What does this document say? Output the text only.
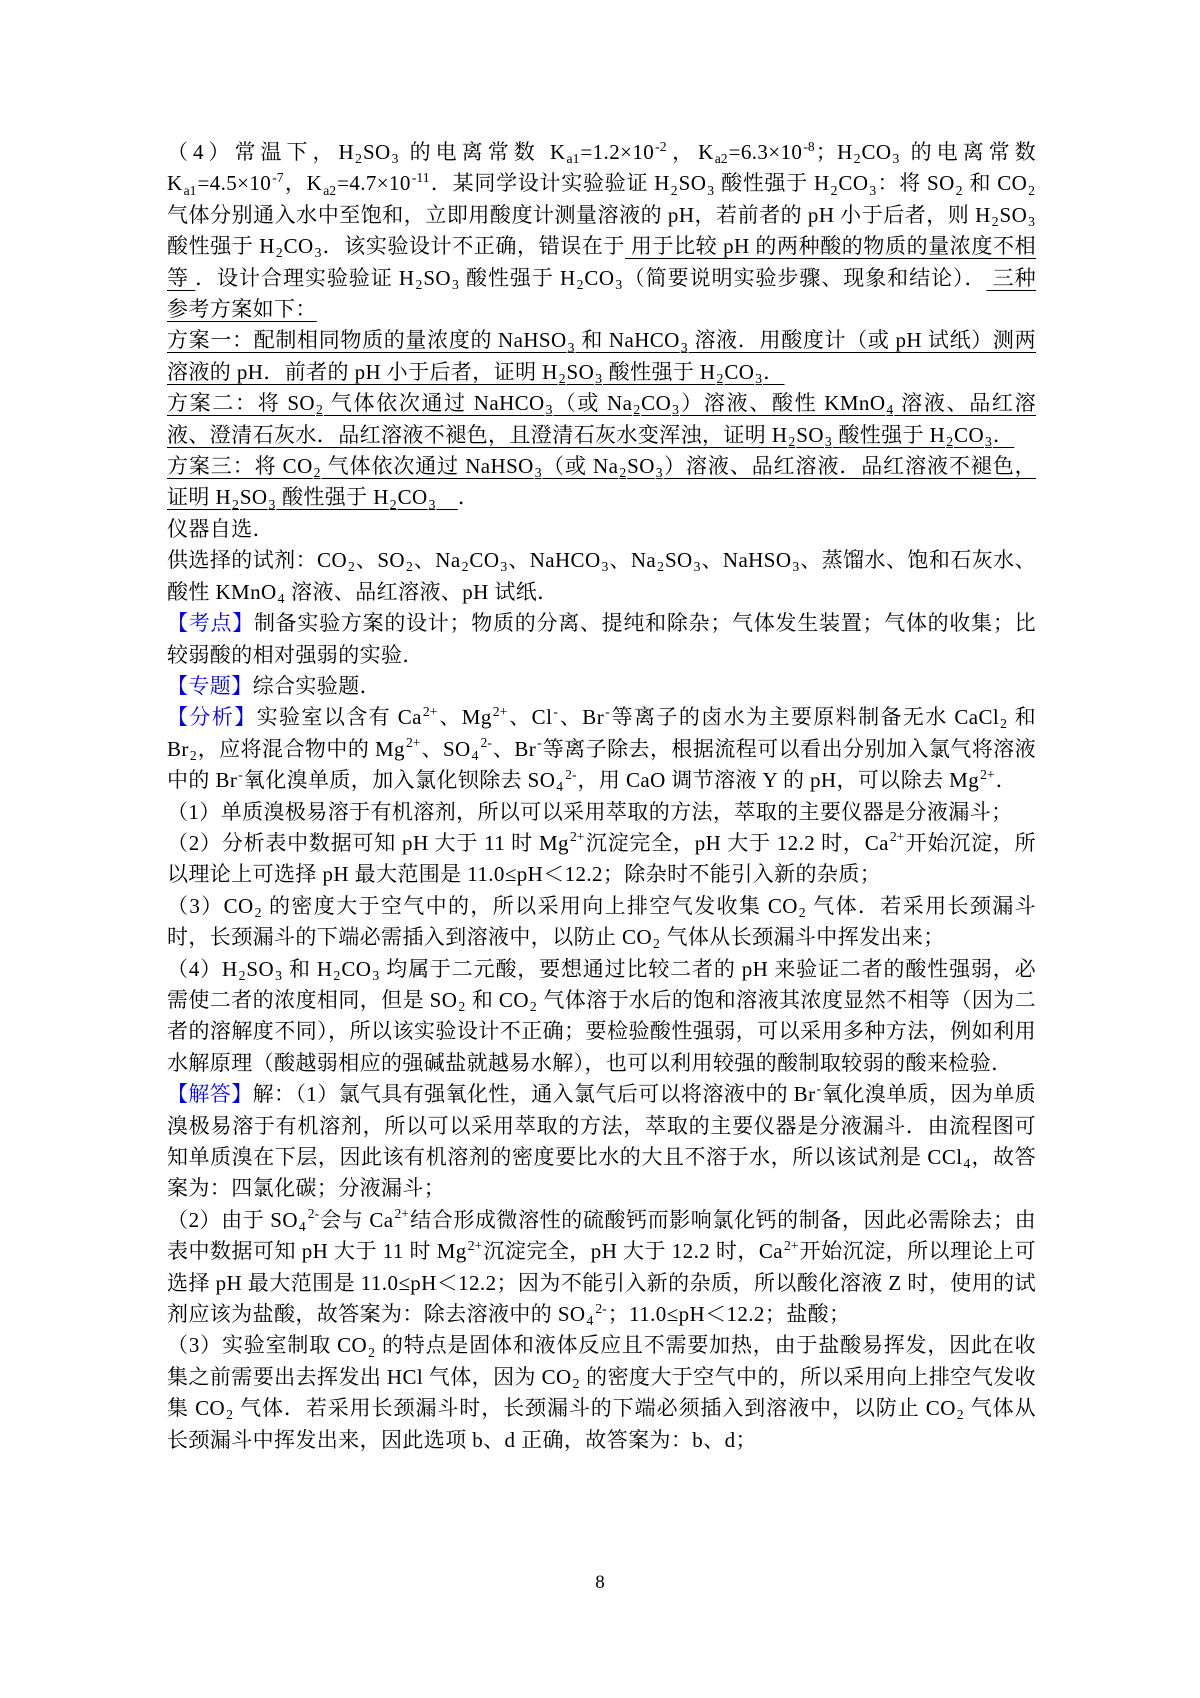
（4）常温下，H2SO3 的电离常数 $Ka1=1.2\times 10^{-2}$，$Ka2=6.3\times 10^{-8}$；H2CO3 的电离常数 $Ka1=4.5\times 10^{-7}$，$Ka2=4.7\times 10^{-11}$．某同学设计实验验证 H2SO3 酸性强于 H2CO3：将 SO2 和 CO2 气体分别通入水中至饱和，立即用酸度计测量溶液的 pH，若前者的 pH 小于后者，则 H2SO3 酸性强于 H2CO3．该实验设计不正确，错误在于 用于比较 pH 的两种酸的物质的量浓度不相等 ．设计合理实验验证 H2SO3 酸性强于 H2CO3（简要说明实验步骤、现象和结论）． 三种参考方案如下：

方案一：配制相同物质的量浓度的 NaHSO3 和 NaHCO3 溶液．用酸度计（或 pH 试纸）测两溶液的 pH．前者的 pH 小于后者，证明 H2SO3 酸性强于 H2CO3．

方案二：将 SO2 气体依次通过 NaHCO3（或 Na2CO3）溶液、酸性 KMnO4 溶液、品红溶液、澄清石灰水．品红溶液不褪色，且澄清石灰水变浑浊，证明 H2SO3 酸性强于 H2CO3．

方案三：将 CO2 气体依次通过 NaHSO3（或 Na2SO3）溶液、品红溶液．品红溶液不褪色，证明 H2SO3 酸性强于 H2CO3　 ．

仪器自选．

供选择的试剂：CO2、SO2、Na2CO3、NaHCO3、Na2SO3、NaHSO3、蒸馏水、饱和石灰水、酸性 KMnO4 溶液、品红溶液、pH 试纸．

【考点】制备实验方案的设计；物质的分离、提纯和除杂；气体发生装置；气体的收集；比较弱酸的相对强弱的实验．

【专题】综合实验题．

【分析】实验室以含有 $Ca^{2+}$、$Mg^{2+}$、Cl-、Br-等离子的卤水为主要原料制备无水 CaCl2 和 Br2，应将混合物中的 $Mg^{2+}$、$SO4^{2-}$、Br-等离子除去，根据流程可以看出分别加入氯气将溶液中的 Br-氧化溴单质，加入氯化钡除去 $SO4^{2-}$，用 CaO 调节溶液 Y 的 pH，可以除去 $Mg^{2+}$．

（1）单质溴极易溶于有机溶剂，所以可以采用萃取的方法，萃取的主要仪器是分液漏斗；

（2）分析表中数据可知 pH 大于 11 时 $Mg^{2+}$沉淀完全，pH 大于 12.2 时，$Ca^{2+}$开始沉淀，所以理论上可选择 pH 最大范围是 11.0≤pH＜12.2；除杂时不能引入新的杂质；

（3）CO2 的密度大于空气中的，所以采用向上排空气发收集 CO2 气体．若采用长颈漏斗时，长颈漏斗的下端必需插入到溶液中，以防止 CO2 气体从长颈漏斗中挥发出来；

（4）H2SO3 和 H2CO3 均属于二元酸，要想通过比较二者的 pH 来验证二者的酸性强弱，必需使二者的浓度相同，但是 SO2 和 CO2 气体溶于水后的饱和溶液其浓度显然不相等（因为二者的溶解度不同），所以该实验设计不正确；要检验酸性强弱，可以采用多种方法，例如利用水解原理（酸越弱相应的强碱盐就越易水解），也可以利用较强的酸制取较弱的酸来检验．

【解答】解：（1）氯气具有强氧化性，通入氯气后可以将溶液中的 Br-氧化溴单质，因为单质溴极易溶于有机溶剂，所以可以采用萃取的方法，萃取的主要仪器是分液漏斗．由流程图可知单质溴在下层，因此该有机溶剂的密度要比水的大且不溶于水，所以该试剂是 CCl4，故答案为：四氯化碳；分液漏斗；

（2）由于 $SO4^{2-}$会与 $Ca^{2+}$结合形成微溶性的硫酸钙而影响氯化钙的制备，因此必需除去；由表中数据可知 pH 大于 11 时 $Mg^{2+}$沉淀完全，pH 大于 12.2 时，$Ca^{2+}$开始沉淀，所以理论上可选择 pH 最大范围是 11.0≤pH＜12.2；因为不能引入新的杂质，所以酸化溶液 Z 时，使用的试剂应该为盐酸，故答案为：除去溶液中的 $SO4^{2-}$；11.0≤pH＜12.2；盐酸；

（3）实验室制取 CO2 的特点是固体和液体反应且不需要加热，由于盐酸易挥发，因此在收集之前需要出去挥发出 HCl 气体，因为 CO2 的密度大于空气中的，所以采用向上排空气发收集 CO2 气体．若采用长颈漏斗时，长颈漏斗的下端必须插入到溶液中，以防止 CO2 气体从长颈漏斗中挥发出来，因此选项 b、d 正确，故答案为：b、d；

8
